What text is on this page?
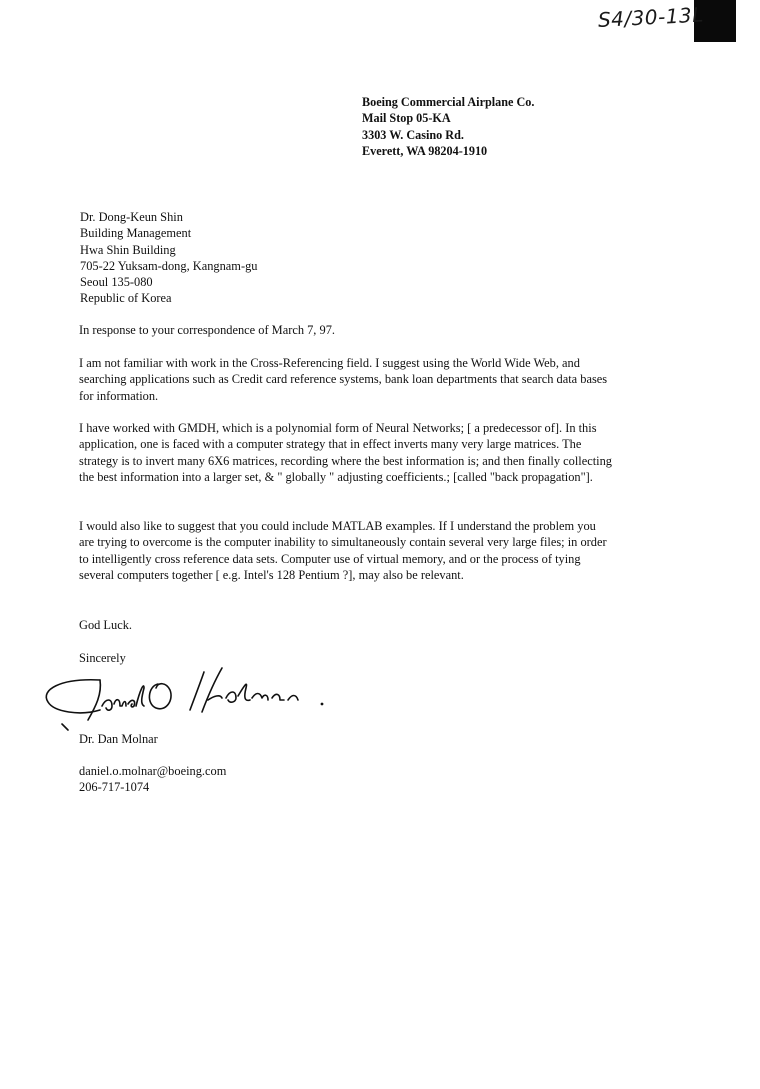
S4/30-13L
Boeing Commercial Airplane Co.
Mail Stop 05-KA
3303 W. Casino Rd.
Everett, WA 98204-1910
Dr. Dong-Keun Shin
Building Management
Hwa Shin Building
705-22 Yuksam-dong, Kangnam-gu
Seoul 135-080
Republic of Korea
In response to your correspondence of March 7, 97.
I am not familiar with work in the Cross-Referencing field. I suggest using the World Wide Web, and
searching applications such as Credit card reference systems, bank loan departments that search data bases
for information.
I have worked with GMDH, which is a polynomial form of Neural Networks; [ a predecessor of]. In this
application, one is faced with a computer strategy that in effect inverts many very large matrices. The
strategy is to invert many 6X6 matrices, recording where the best information is; and then finally collecting
the best information into a larger set, & " globally " adjusting coefficients.; [called "back propagation"].
I would also like to suggest that you could include MATLAB examples. If I understand the problem you
are trying to overcome is the computer inability to simultaneously contain several very large files; in order
to intelligently cross reference data sets. Computer use of virtual memory, and or the process of tying
several computers together [ e.g. Intel's 128 Pentium ?], may also be relevant.
God Luck.
Sincerely
Dr. Dan Molnar
daniel.o.molnar@boeing.com
206-717-1074
